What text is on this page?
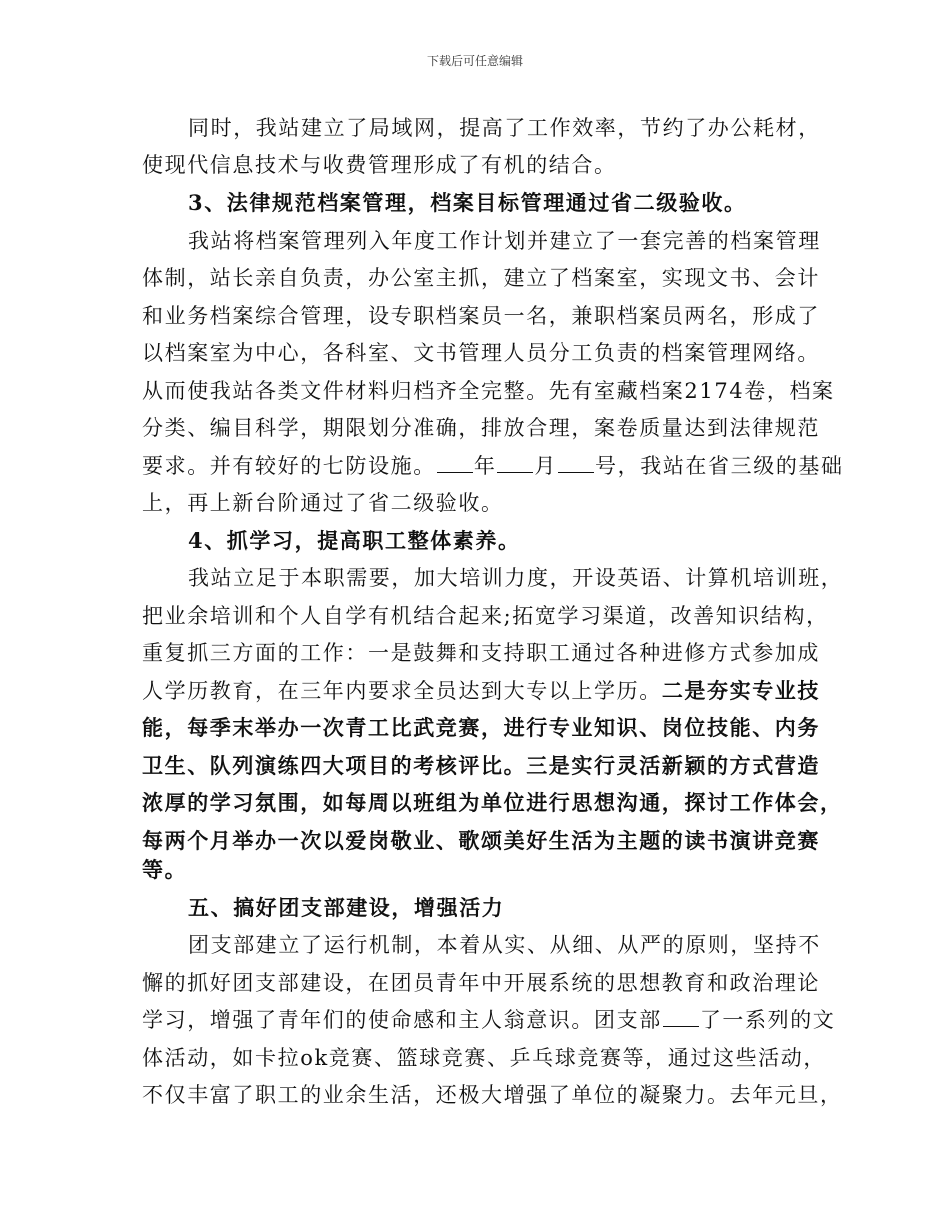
下载后可任意编辑
同时，我站建立了局域网，提高了工作效率，节约了办公耗材，
使现代信息技术与收费管理形成了有机的结合。
3、法律规范档案管理，档案目标管理通过省二级验收。
我站将档案管理列入年度工作计划并建立了一套完善的档案管理
体制，站长亲自负责，办公室主抓，建立了档案室，实现文书、会计
和业务档案综合管理，设专职档案员一名，兼职档案员两名，形成了
以档案室为中心，各科室、文书管理人员分工负责的档案管理网络。
从而使我站各类文件材料归档齐全完整。先有室藏档案2174卷，档案
分类、编目科学，期限划分准确，排放合理，案卷质量达到法律规范
要求。并有较好的七防设施。 年 月 号，我站在省三级的基础
上，再上新台阶通过了省二级验收。
4、抓学习，提高职工整体素养。
我站立足于本职需要，加大培训力度，开设英语、计算机培训班，
把业余培训和个人自学有机结合起来;拓宽学习渠道，改善知识结构，
重复抓三方面的工作：一是鼓舞和支持职工通过各种进修方式参加成
人学历教育，在三年内要求全员达到大专以上学历。二是夯实专业技
能，每季末举办一次青工比武竞赛，进行专业知识、岗位技能、内务
卫生、队列演练四大项目的考核评比。三是实行灵活新颖的方式营造
浓厚的学习氛围，如每周以班组为单位进行思想沟通，探讨工作体会，
每两个月举办一次以爱岗敬业、歌颂美好生活为主题的读书演讲竞赛
等。
五、搞好团支部建设，增强活力
团支部建立了运行机制，本着从实、从细、从严的原则，坚持不
懈的抓好团支部建设，在团员青年中开展系统的思想教育和政治理论
学习，增强了青年们的使命感和主人翁意识。团支部 了一系列的文
体活动，如卡拉ok竞赛、篮球竞赛、乒乓球竞赛等，通过这些活动，
不仅丰富了职工的业余生活，还极大增强了单位的凝聚力。去年元旦，
